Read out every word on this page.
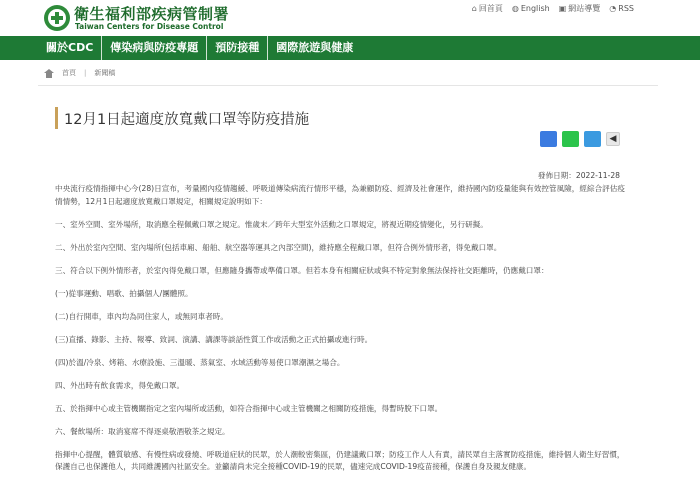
衛生福利部疾病管制署
Taiwan Centers for Disease Control
⌂ 回首頁 ◍ English ▣ 網站導覽 ◔ RSS
關於CDC	傳染病與防疫專題	預防接種	國際旅遊與健康
首頁 | 新聞稿
12月1日起適度放寬戴口罩等防疫措施
◀
發佈日期：2022-11-28

中央流行疫情指揮中心今(28)日宣布，考量國內疫情趨緩、呼吸道傳染病流行情形平穩，為兼顧防疫、經濟及社會運作，維持國內防疫量能與有效控管風險，經綜合評估疫情情勢，12月1日起適度放寬戴口罩規定，相關規定說明如下：

一、室外空間、室外場所，取消應全程佩戴口罩之規定。惟歲末／跨年大型室外活動之口罩規定，將視近期疫情變化，另行研擬。

二、外出於室內空間、室內場所(包括車廂、船舶、航空器等運具之內部空間)，維持應全程戴口罩，但符合例外情形者，得免戴口罩。

三、符合以下例外情形者，於室內得免戴口罩，但應隨身攜帶或準備口罩。但若本身有相關症狀或與不特定對象無法保持社交距離時，仍應戴口罩：

(一)從事運動、唱歌、拍攝個人/團體照。

(二)自行開車，車內均為同住家人，或無同車者時。

(三)直播、錄影、主持、報導、致詞、演講、講課等談話性質工作或活動之正式拍攝或進行時。

(四)於溫/冷泉、烤箱、水療設施、三溫暖、蒸氣室、水域活動等易使口罩潮濕之場合。

四、外出時有飲食需求，得免戴口罩。

五、於指揮中心或主管機關指定之室內場所或活動，如符合指揮中心或主管機關之相關防疫措施，得暫時脫下口罩。

六、餐飲場所：取消宴席不得逐桌敬酒敬茶之規定。

指揮中心提醒，體質敏感、有慢性病或發燒、呼吸道症狀的民眾，於人潮較密集區，仍建議戴口罩；防疫工作人人有責，請民眾自主落實防疫措施，維持個人衛生好習慣，保護自己也保護他人，共同維護國內社區安全。並籲請尚未完全接種COVID-19的民眾，儘速完成COVID-19疫苗接種，保護自身及親友健康。
